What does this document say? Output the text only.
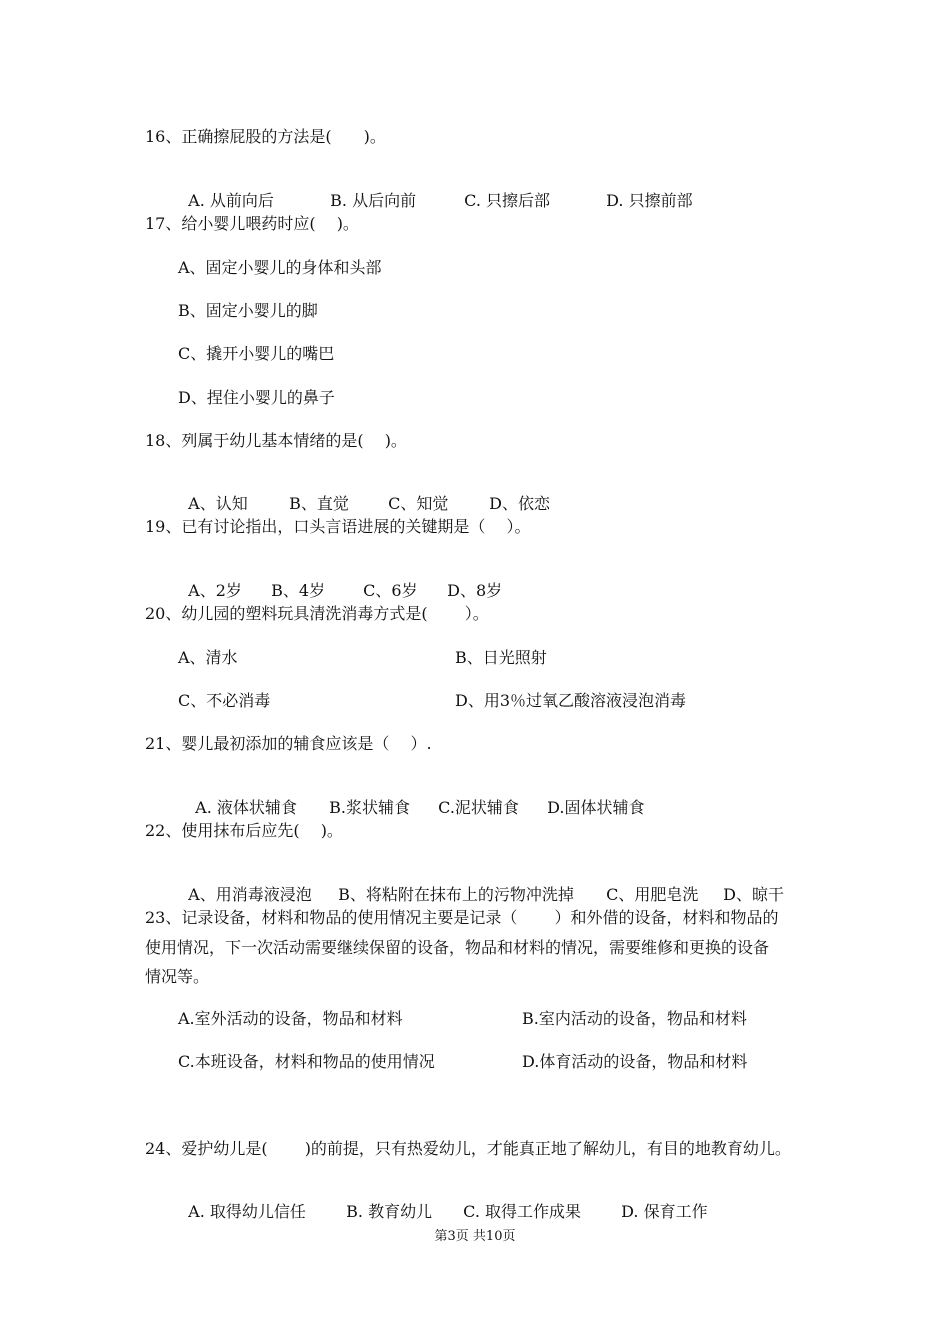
16、正确擦屁股的方法是(　　)。

A. 从前向后	B. 从后向前	C. 只擦后部	D. 只擦前部

17、给小婴儿喂药时应(　 )。
A、固定小婴儿的身体和头部
B、固定小婴儿的脚
C、撬开小婴儿的嘴巴
D、捏住小婴儿的鼻子
18、列属于幼儿基本情绪的是(　 )。

A、认知	B、直觉 C、知觉	D、依恋

19、已有讨论指出，口头言语进展的关键期是（　 ）。

A、2岁 B、4岁 C、6岁 D、8岁

20、幼儿园的塑料玩具清洗消毒方式是(　　 ）。
A、清水	B、日光照射
C、不必消毒	D、用3％过氧乙酸溶液浸泡消毒
21、婴儿最初添加的辅食应该是（　 ）.

A. 液体状辅食 B.浆状辅食 C.泥状辅食 D.固体状辅食

22、使用抹布后应先(　 )。

A、用消毒液浸泡 B、将粘附在抹布上的污物冲洗掉 C、用肥皂洗 D、晾干

23、记录设备，材料和物品的使用情况主要是记录（　　 ）和外借的设备，材料和物品的
使用情况，下一次活动需要继续保留的设备，物品和材料的情况，需要维修和更换的设备
情况等。
A.室外活动的设备，物品和材料	B.室内活动的设备，物品和材料
C.本班设备，材料和物品的使用情况	D.体育活动的设备，物品和材料
24、爱护幼儿是(　　 )的前提，只有热爱幼儿，才能真正地了解幼儿，有目的地教育幼儿。

A. 取得幼儿信任	B. 教育幼儿 C. 取得工作成果	D. 保育工作

第3页 共10页
